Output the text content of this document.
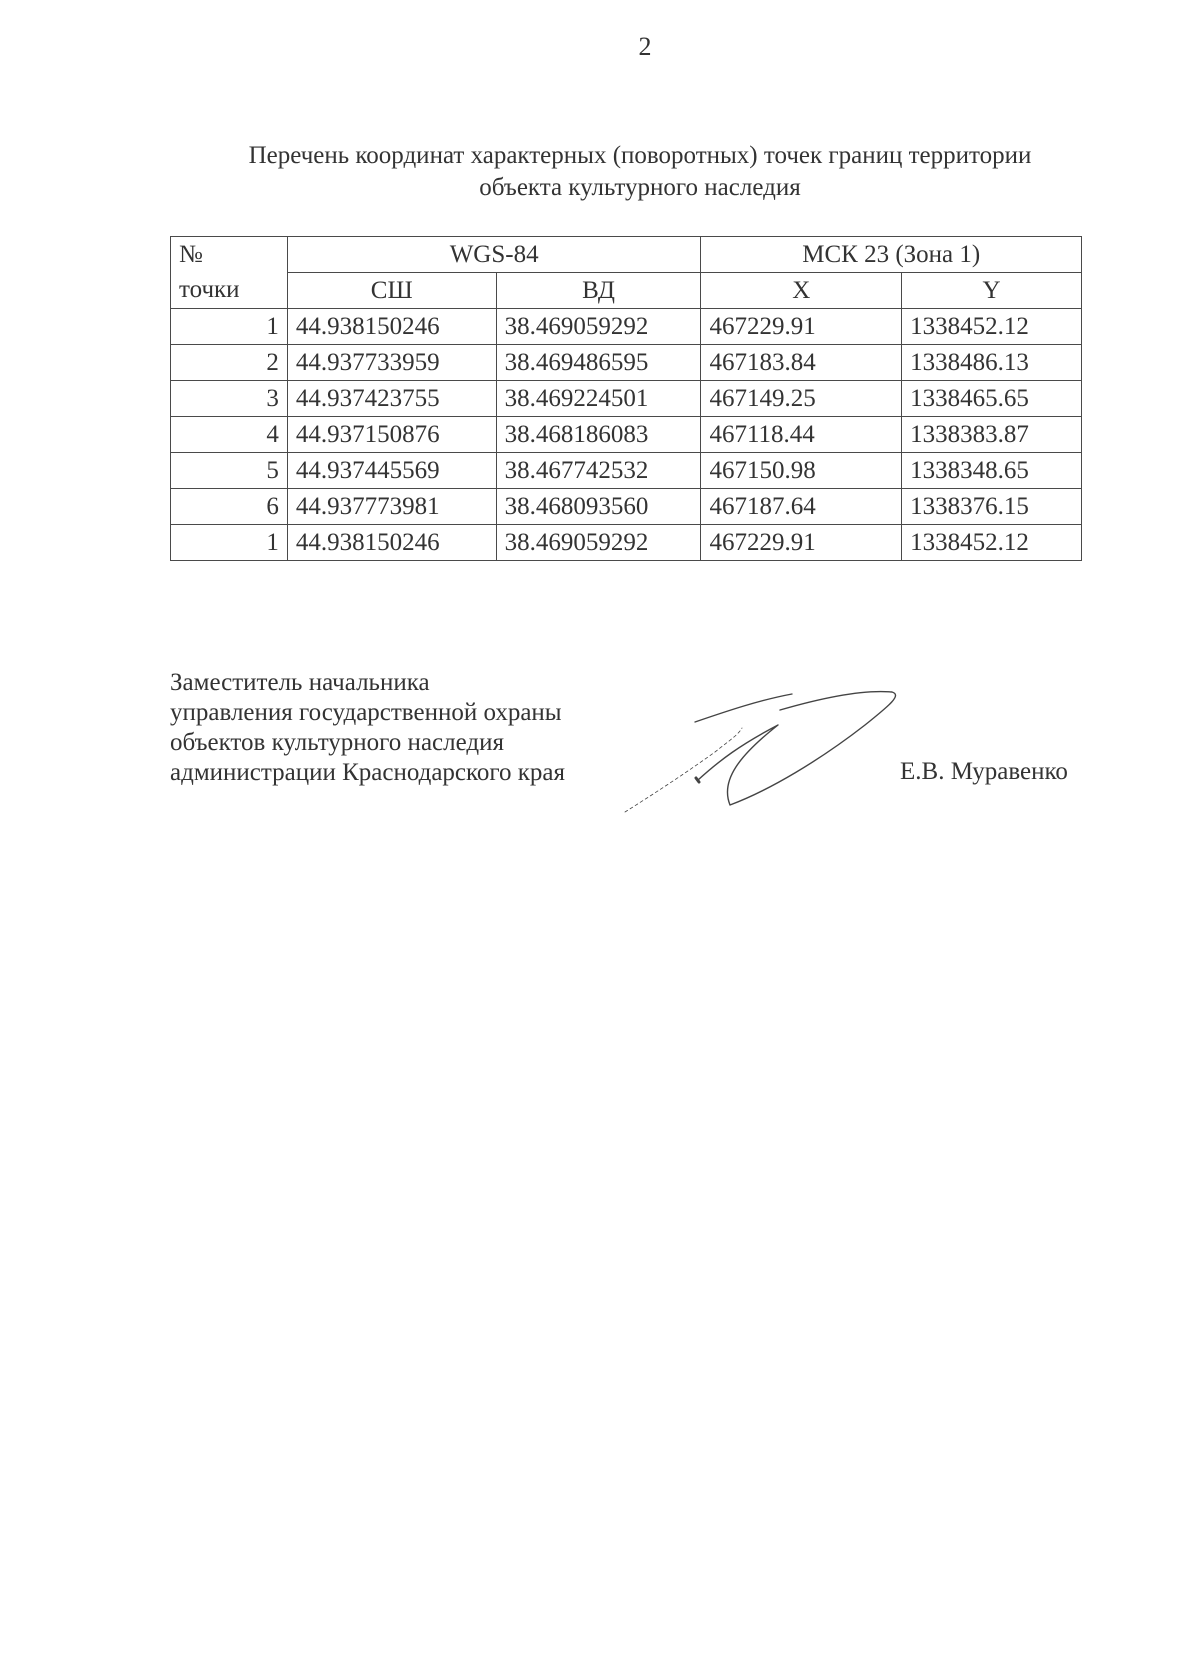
2
Перечень координат характерных (поворотных) точек границ территории
объекта культурного наследия
№	WGS-84		МСК 23 (Зона 1)	
точки	СШ	ВД	X	Y
1	44.938150246	38.469059292	467229.91	1338452.12
2	44.937733959	38.469486595	467183.84	1338486.13
3	44.937423755	38.469224501	467149.25	1338465.65
4	44.937150876	38.468186083	467118.44	1338383.87
5	44.937445569	38.467742532	467150.98	1338348.65
6	44.937773981	38.468093560	467187.64	1338376.15
1	44.938150246	38.469059292	467229.91	1338452.12
Заместитель начальника
управления государственной охраны
объектов культурного наследия
администрации Краснодарского края	Е.В. Муравенко
